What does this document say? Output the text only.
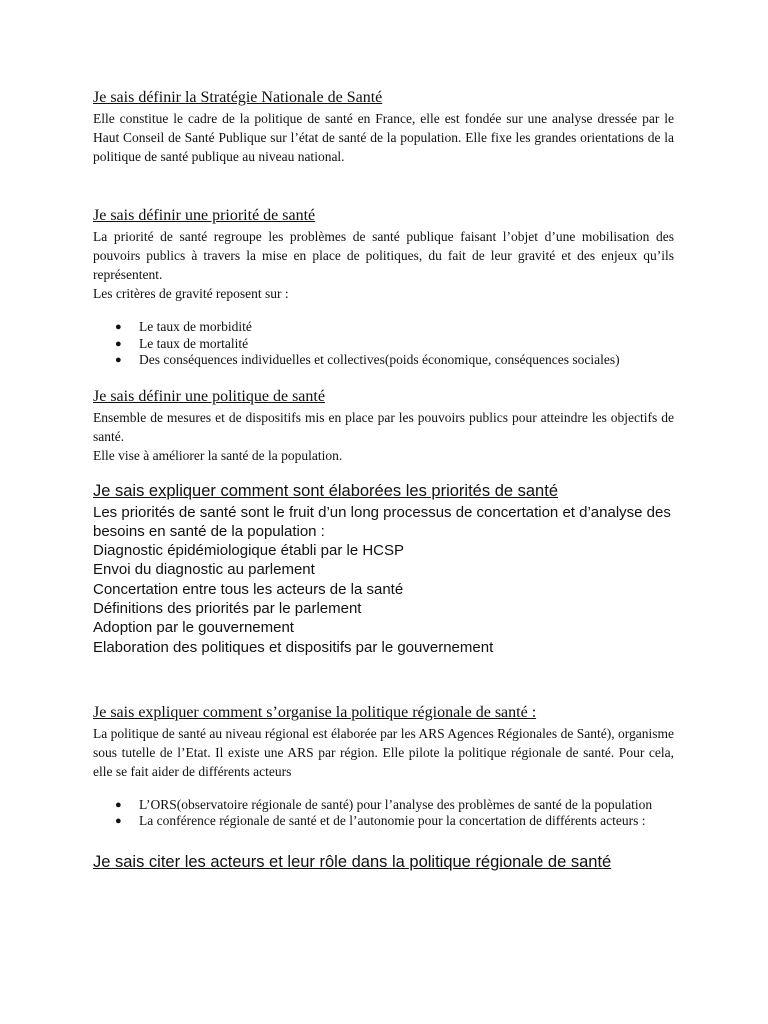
Je sais définir la Stratégie Nationale de Santé

Elle constitue le cadre de la politique de santé en France, elle est fondée sur une analyse dressée par le Haut Conseil de Santé Publique sur l’état de santé de la population. Elle fixe les grandes orientations de la politique de santé publique au niveau national.

Je sais définir une priorité de santé

La priorité de santé regroupe les problèmes de santé publique faisant l’objet d’une mobilisation des pouvoirs publics à travers la mise en place de politiques, du fait de leur gravité et des enjeux qu’ils représentent.

Les critères de gravité reposent sur :

● Le taux de morbidité
● Le taux de mortalité
● Des conséquences individuelles et collectives(poids économique, conséquences sociales)
Je sais définir une politique de santé

Ensemble de mesures et de dispositifs mis en place par les pouvoirs publics pour atteindre les objectifs de santé.

Elle vise à améliorer la santé de la population.

Je sais expliquer comment sont élaborées les priorités de santé

Les priorités de santé sont le fruit d’un long processus de concertation et d’analyse des besoins en santé de la population :

Diagnostic épidémiologique établi par le HCSP

Envoi du diagnostic au parlement

Concertation entre tous les acteurs de la santé

Définitions des priorités par le parlement

Adoption par le gouvernement

Elaboration des politiques et dispositifs par le gouvernement

Je sais expliquer comment s’organise la politique régionale de santé :

La politique de santé au niveau régional est élaborée par les ARS Agences Régionales de Santé), organisme sous tutelle de l’Etat. Il existe une ARS par région. Elle pilote la politique régionale de santé. Pour cela, elle se fait aider de différents acteurs

● L’ORS(observatoire régionale de santé) pour l’analyse des problèmes de santé de la population
● La conférence régionale de santé et de l’autonomie pour la concertation de différents acteurs :
Je sais citer les acteurs et leur rôle dans la politique régionale de santé
